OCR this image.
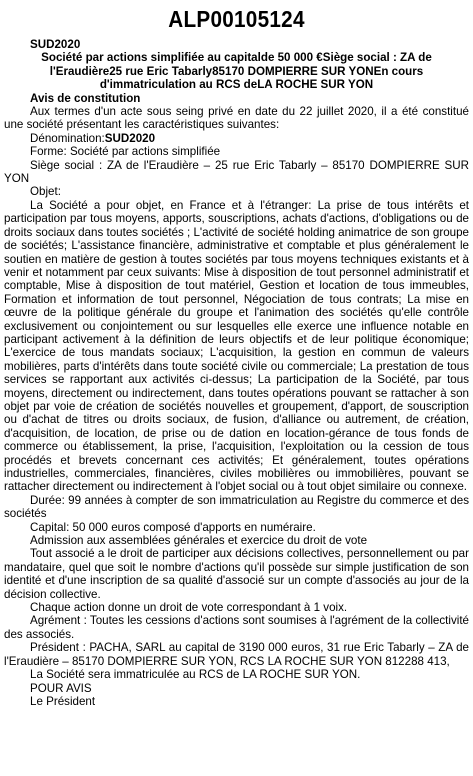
ALP00105124

SUD2020

Société par actions simplifiée au capitalde 50 000 €Siège social : ZA de l'Eraudière25 rue Eric Tabarly85170 DOMPIERRE SUR YONEn cours d'immatriculation au RCS deLA ROCHE SUR YON

Avis de constitution

Aux termes d'un acte sous seing privé en date du 22 juillet 2020, il a été constitué une société présentant les caractéristiques suivantes:

Dénomination:SUD2020

Forme: Société par actions simplifiée

Siège social : ZA de l'Eraudière – 25 rue Eric Tabarly – 85170 DOMPIERRE SUR YON

Objet:

La Société a pour objet, en France et à l'étranger: La prise de tous intérêts et participation par tous moyens, apports, souscriptions, achats d'actions, d'obligations ou de droits sociaux dans toutes sociétés ; L'activité de société holding animatrice de son groupe de sociétés; L'assistance financière, administrative et comptable et plus généralement le soutien en matière de gestion à toutes sociétés par tous moyens techniques existants et à venir et notamment par ceux suivants: Mise à disposition de tout personnel administratif et comptable, Mise à disposition de tout matériel, Gestion et location de tous immeubles, Formation et information de tout personnel, Négociation de tous contrats; La mise en œuvre de la politique générale du groupe et l'animation des sociétés qu'elle contrôle exclusivement ou conjointement ou sur lesquelles elle exerce une influence notable en participant activement à la définition de leurs objectifs et de leur politique économique; L'exercice de tous mandats sociaux; L'acquisition, la gestion en commun de valeurs mobilières, parts d'intérêts dans toute société civile ou commerciale; La prestation de tous services se rapportant aux activités ci-dessus; La participation de la Société, par tous moyens, directement ou indirectement, dans toutes opérations pouvant se rattacher à son objet par voie de création de sociétés nouvelles et groupement, d'apport, de souscription ou d'achat de titres ou droits sociaux, de fusion, d'alliance ou autrement, de création, d'acquisition, de location, de prise ou de dation en location-gérance de tous fonds de commerce ou établissement, la prise, l'acquisition, l'exploitation ou la cession de tous procédés et brevets concernant ces activités; Et généralement, toutes opérations industrielles, commerciales, financières, civiles mobilières ou immobilières, pouvant se rattacher directement ou indirectement à l'objet social ou à tout objet similaire ou connexe.

Durée: 99 années à compter de son immatriculation au Registre du commerce et des sociétés

Capital: 50 000 euros composé d'apports en numéraire.

Admission aux assemblées générales et exercice du droit de vote

Tout associé a le droit de participer aux décisions collectives, personnellement ou par mandataire, quel que soit le nombre d'actions qu'il possède sur simple justification de son identité et d'une inscription de sa qualité d'associé sur un compte d'associés au jour de la décision collective.

Chaque action donne un droit de vote correspondant à 1 voix.

Agrément : Toutes les cessions d'actions sont soumises à l'agrément de la collectivité des associés.

Président : PACHA, SARL au capital de 3190 000 euros, 31 rue Eric Tabarly – ZA de l'Eraudière – 85170 DOMPIERRE SUR YON, RCS LA ROCHE SUR YON 812288 413,

La Société sera immatriculée au RCS de LA ROCHE SUR YON.

POUR AVIS

Le Président
